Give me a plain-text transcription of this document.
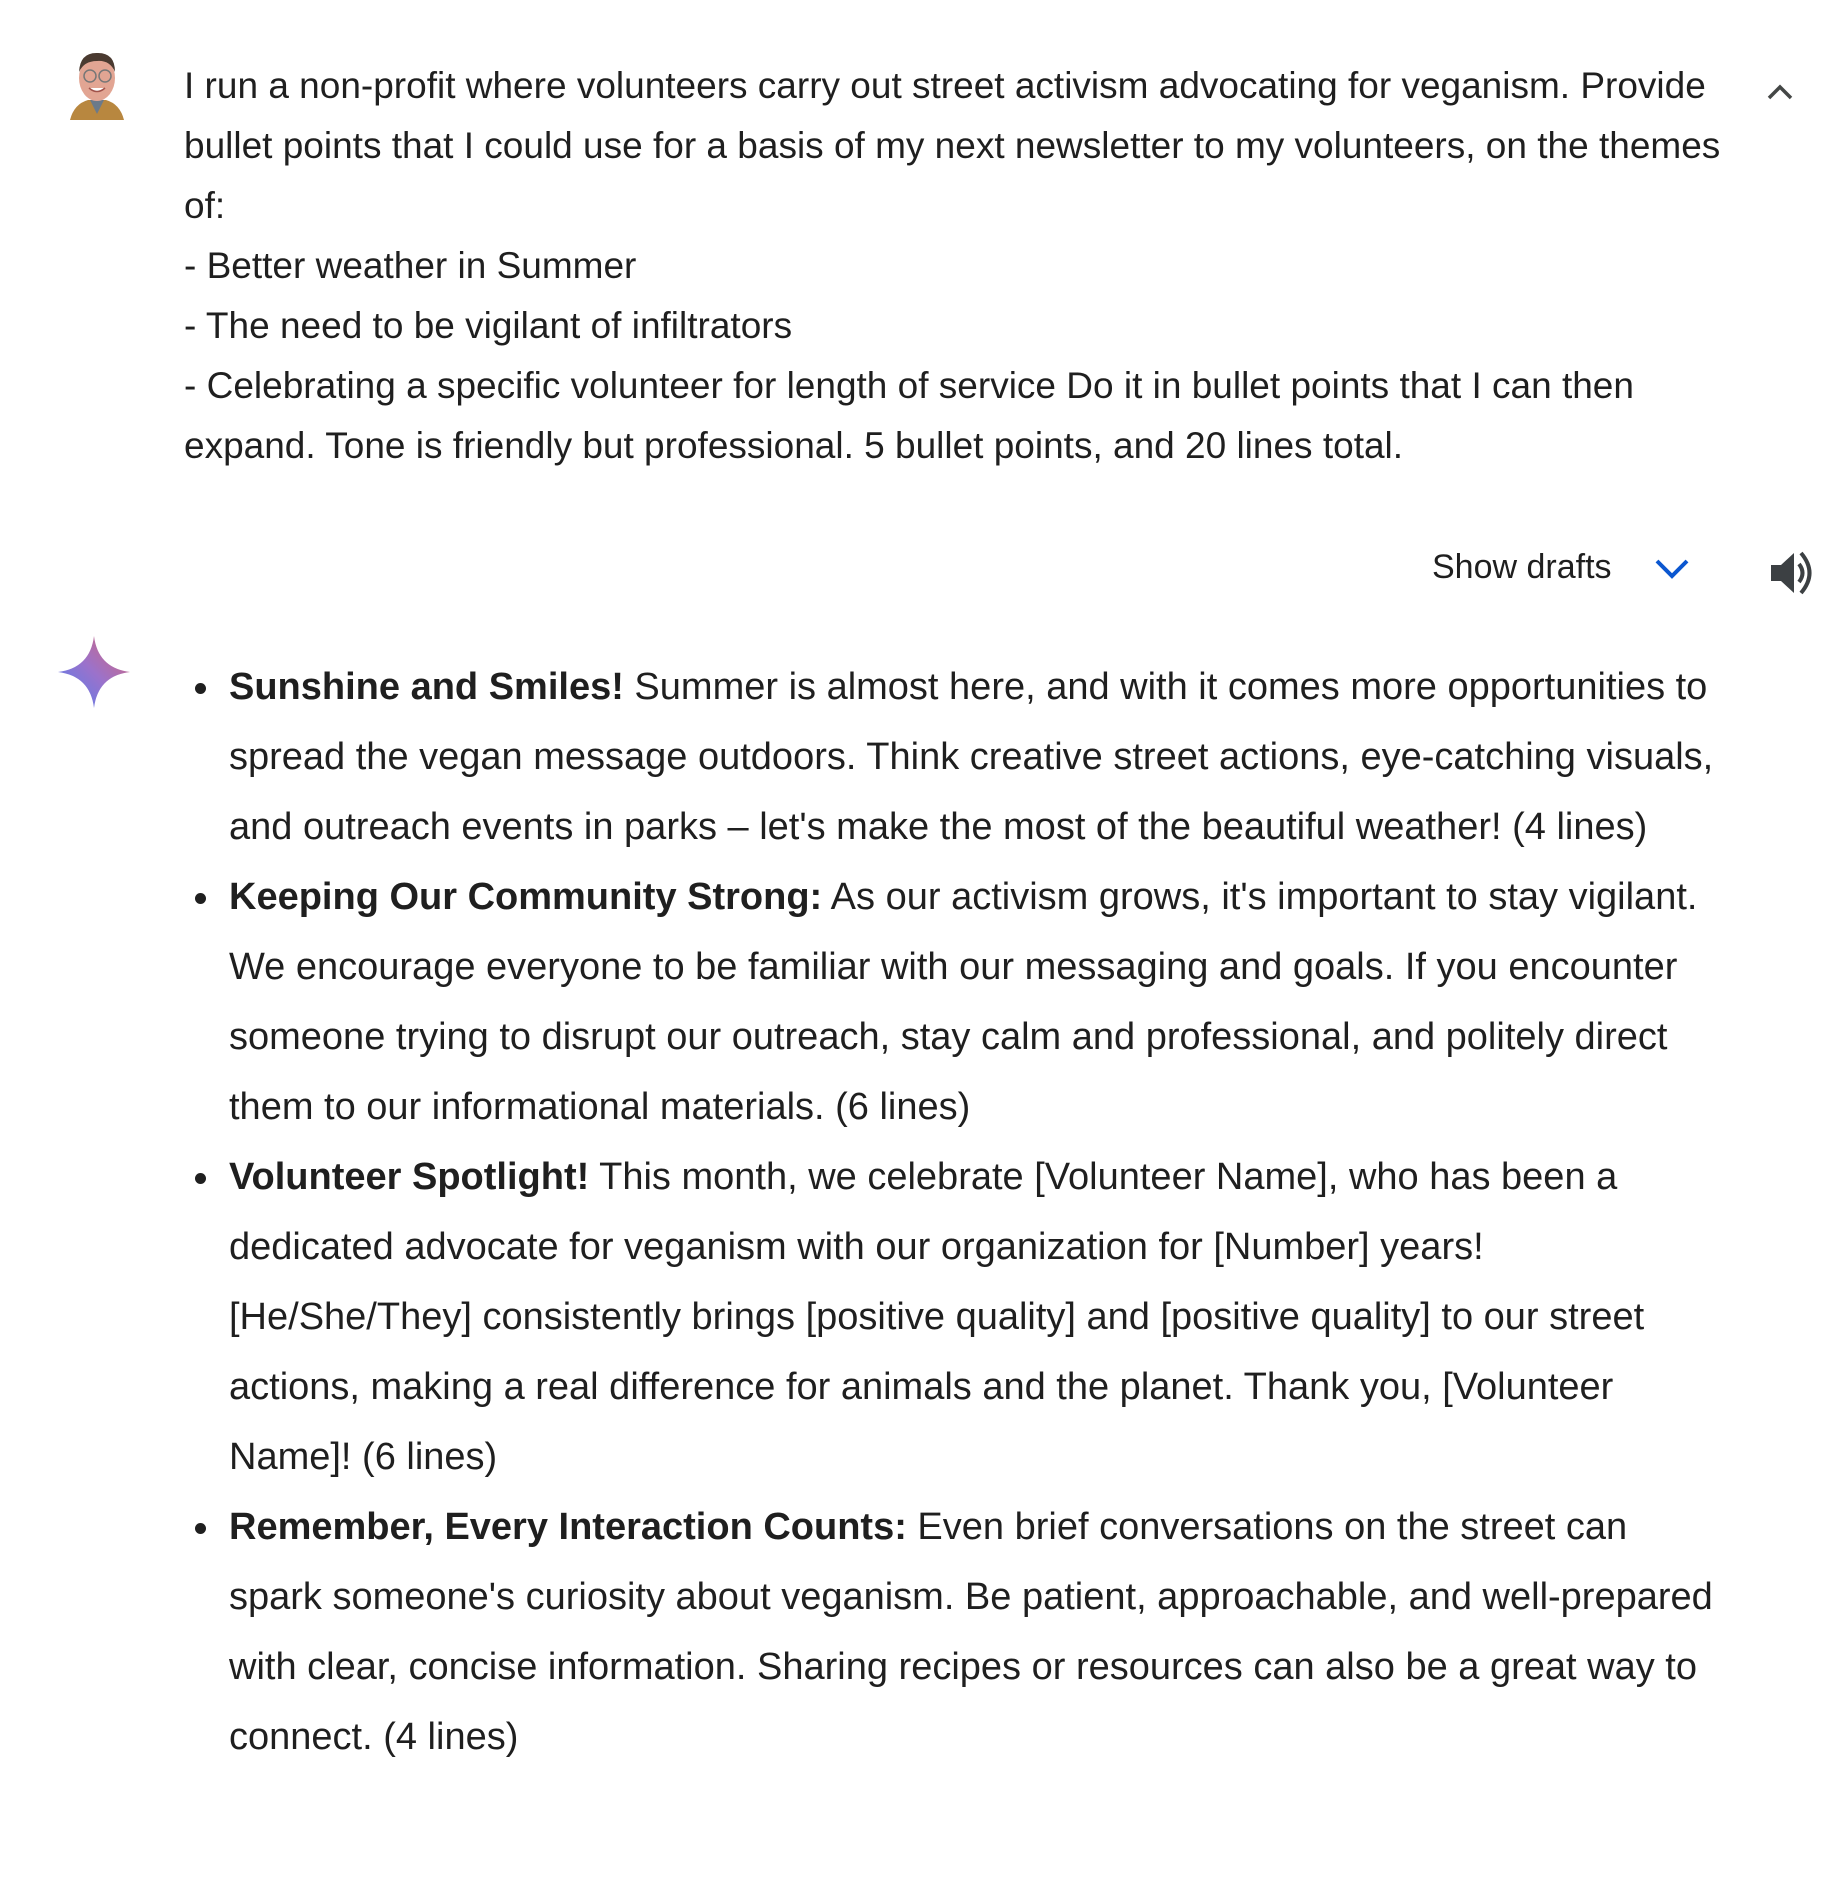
I run a non-profit where volunteers carry out street activism advocating for veganism. Provide bullet points that I could use for a basis of my next newsletter to my volunteers, on the themes of:
- Better weather in Summer
- The need to be vigilant of infiltrators
- Celebrating a specific volunteer for length of service Do it in bullet points that I can then expand. Tone is friendly but professional. 5 bullet points, and 20 lines total.
Show drafts
Sunshine and Smiles! Summer is almost here, and with it comes more opportunities to spread the vegan message outdoors. Think creative street actions, eye-catching visuals, and outreach events in parks – let's make the most of the beautiful weather! (4 lines)
Keeping Our Community Strong: As our activism grows, it's important to stay vigilant. We encourage everyone to be familiar with our messaging and goals. If you encounter someone trying to disrupt our outreach, stay calm and professional, and politely direct them to our informational materials. (6 lines)
Volunteer Spotlight! This month, we celebrate [Volunteer Name], who has been a dedicated advocate for veganism with our organization for [Number] years! [He/She/They] consistently brings [positive quality] and [positive quality] to our street actions, making a real difference for animals and the planet. Thank you, [Volunteer Name]! (6 lines)
Remember, Every Interaction Counts: Even brief conversations on the street can spark someone's curiosity about veganism. Be patient, approachable, and well-prepared with clear, concise information. Sharing recipes or resources can also be a great way to connect. (4 lines)
